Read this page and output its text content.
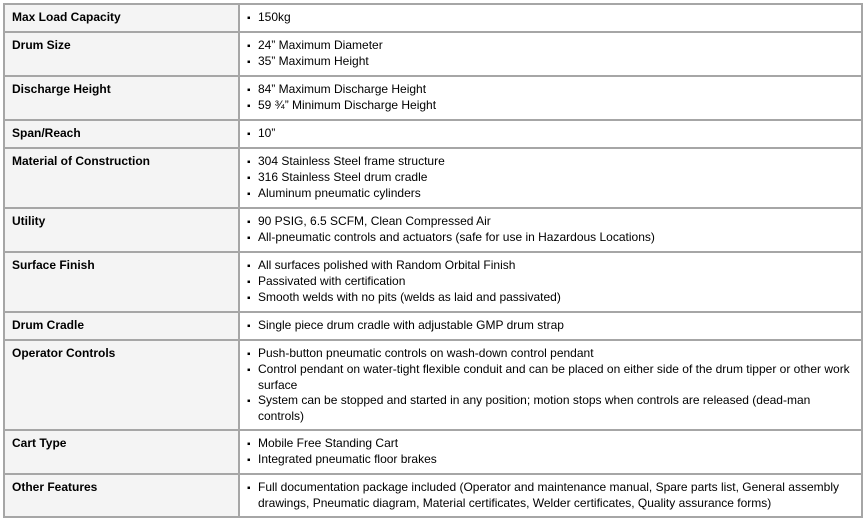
Max Load Capacity	
▪150kg

Drum Size	
▪24” Maximum Diameter
▪ 35” Maximum Height

Discharge Height	
▪84” Maximum Discharge Height
▪ 59 ¾” Minimum Discharge Height

Span/Reach	
▪10”

Material of Construction	
▪304 Stainless Steel frame structure
▪ 316 Stainless Steel drum cradle
▪ Aluminum pneumatic cylinders

Utility	
▪90 PSIG, 6.5 SCFM, Clean Compressed Air
▪ All-pneumatic controls and actuators (safe for use in Hazardous Locations)

Surface Finish	
▪All surfaces polished with Random Orbital Finish
▪ Passivated with certification
▪ Smooth welds with no pits (welds as laid and passivated)

Drum Cradle	
▪Single piece drum cradle with adjustable GMP drum strap

Operator Controls	
▪Push-button pneumatic controls on wash-down control pendant
▪ Control pendant on water-tight flexible conduit and can be placed on either side of the drum tipper or other work surface
▪ System can be stopped and started in any position; motion stops when controls are released (dead-man controls)

Cart Type	
▪Mobile Free Standing Cart
▪ Integrated pneumatic floor brakes

Other Features	
▪Full documentation package included (Operator and maintenance manual, Spare parts list, General assembly drawings, Pneumatic diagram, Material certificates, Welder certificates, Quality assurance forms)
